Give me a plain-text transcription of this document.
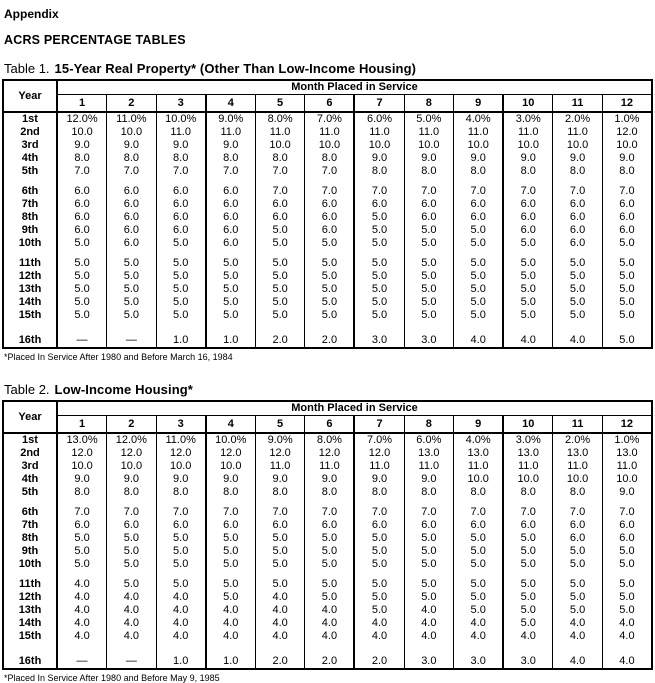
Appendix
ACRS PERCENTAGE TABLES

Table 1. 15-Year Real Property* (Other Than Low-Income Housing)

Year	Month Placed in Service											
	1	2	3	4	5	6	7	8	9	10	11	12
1st	12.0%	11.0%	10.0%	9.0%	8.0%	7.0%	6.0%	5.0%	4.0%	3.0%	2.0%	1.0%
2nd	10.0	10.0	11.0	11.0	11.0	11.0	11.0	11.0	11.0	11.0	11.0	12.0
3rd	9.0	9.0	9.0	9.0	10.0	10.0	10.0	10.0	10.0	10.0	10.0	10.0
4th	8.0	8.0	8.0	8.0	8.0	8.0	9.0	9.0	9.0	9.0	9.0	9.0
5th	7.0	7.0	7.0	7.0	7.0	7.0	8.0	8.0	8.0	8.0	8.0	8.0

6th	6.0	6.0	6.0	6.0	7.0	7.0	7.0	7.0	7.0	7.0	7.0	7.0
7th	6.0	6.0	6.0	6.0	6.0	6.0	6.0	6.0	6.0	6.0	6.0	6.0
8th	6.0	6.0	6.0	6.0	6.0	6.0	5.0	6.0	6.0	6.0	6.0	6.0
9th	6.0	6.0	6.0	6.0	5.0	6.0	5.0	5.0	5.0	6.0	6.0	6.0
10th	5.0	6.0	5.0	6.0	5.0	5.0	5.0	5.0	5.0	5.0	6.0	5.0

11th	5.0	5.0	5.0	5.0	5.0	5.0	5.0	5.0	5.0	5.0	5.0	5.0
12th	5.0	5.0	5.0	5.0	5.0	5.0	5.0	5.0	5.0	5.0	5.0	5.0
13th	5.0	5.0	5.0	5.0	5.0	5.0	5.0	5.0	5.0	5.0	5.0	5.0
14th	5.0	5.0	5.0	5.0	5.0	5.0	5.0	5.0	5.0	5.0	5.0	5.0
15th	5.0	5.0	5.0	5.0	5.0	5.0	5.0	5.0	5.0	5.0	5.0	5.0

16th	—	—	1.0	1.0	2.0	2.0	3.0	3.0	4.0	4.0	4.0	5.0
*Placed In Service After 1980 and Before March 16, 1984

Table 2. Low-Income Housing*

Year	Month Placed in Service											
	1	2	3	4	5	6	7	8	9	10	11	12
1st	13.0%	12.0%	11.0%	10.0%	9.0%	8.0%	7.0%	6.0%	4.0%	3.0%	2.0%	1.0%
2nd	12.0	12.0	12.0	12.0	12.0	12.0	12.0	13.0	13.0	13.0	13.0	13.0
3rd	10.0	10.0	10.0	10.0	11.0	11.0	11.0	11.0	11.0	11.0	11.0	11.0
4th	9.0	9.0	9.0	9.0	9.0	9.0	9.0	9.0	10.0	10.0	10.0	10.0
5th	8.0	8.0	8.0	8.0	8.0	8.0	8.0	8.0	8.0	8.0	8.0	9.0

6th	7.0	7.0	7.0	7.0	7.0	7.0	7.0	7.0	7.0	7.0	7.0	7.0
7th	6.0	6.0	6.0	6.0	6.0	6.0	6.0	6.0	6.0	6.0	6.0	6.0
8th	5.0	5.0	5.0	5.0	5.0	5.0	5.0	5.0	5.0	5.0	6.0	6.0
9th	5.0	5.0	5.0	5.0	5.0	5.0	5.0	5.0	5.0	5.0	5.0	5.0
10th	5.0	5.0	5.0	5.0	5.0	5.0	5.0	5.0	5.0	5.0	5.0	5.0

11th	4.0	5.0	5.0	5.0	5.0	5.0	5.0	5.0	5.0	5.0	5.0	5.0
12th	4.0	4.0	4.0	5.0	4.0	5.0	5.0	5.0	5.0	5.0	5.0	5.0
13th	4.0	4.0	4.0	4.0	4.0	4.0	5.0	4.0	5.0	5.0	5.0	5.0
14th	4.0	4.0	4.0	4.0	4.0	4.0	4.0	4.0	4.0	5.0	4.0	4.0
15th	4.0	4.0	4.0	4.0	4.0	4.0	4.0	4.0	4.0	4.0	4.0	4.0

16th	—	—	1.0	1.0	2.0	2.0	2.0	3.0	3.0	3.0	4.0	4.0
*Placed In Service After 1980 and Before May 9, 1985
